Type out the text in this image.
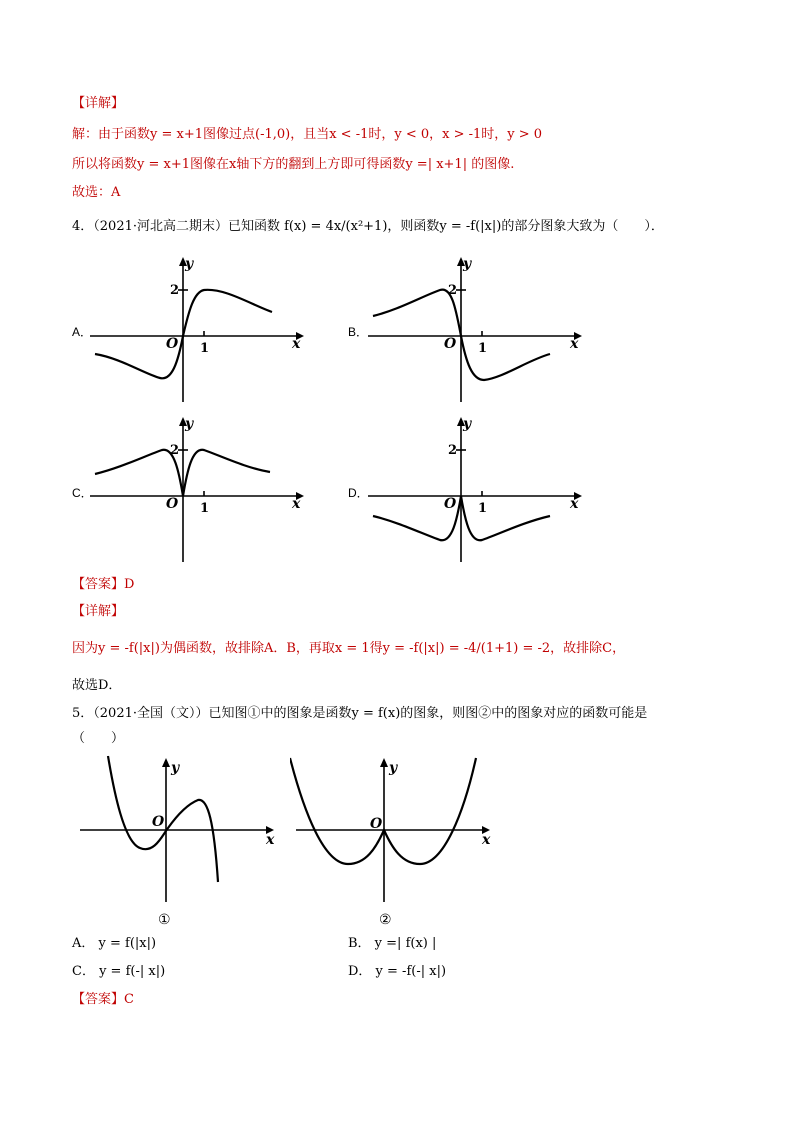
【详解】
解：由于函数y = x+1图像过点(-1,0)，且当x < -1时，y < 0，x > -1时，y > 0
所以将函数y = x+1图像在x轴下方的翻到上方即可得函数y =| x+1| 的图像.
故选：A
4．（2021·河北高二期末）已知函数 f(x) = 4x/(x²+1)，则函数y = -f(|x|)的部分图象大致为（　　）．
A．	B．
C．	D．
y
x
O 1
2
y
x
O 1
2
y
x
O 1
2
y
x
O 1
2
【答案】D
【详解】
因为y = -f(|x|)为偶函数，故排除A．B，再取x = 1得y = -f(|x|) = -4/(1+1) = -2，故排除C，
故选D．
5．（2021·全国（文））已知图①中的图象是函数y = f(x)的图象，则图②中的图象对应的函数可能是
（　　）
y
x
O
①
y
x
O
②
A． y = f(|x|)	B． y =| f(x) |
C． y = f(-| x|)	D． y = -f(-| x|)
【答案】C
